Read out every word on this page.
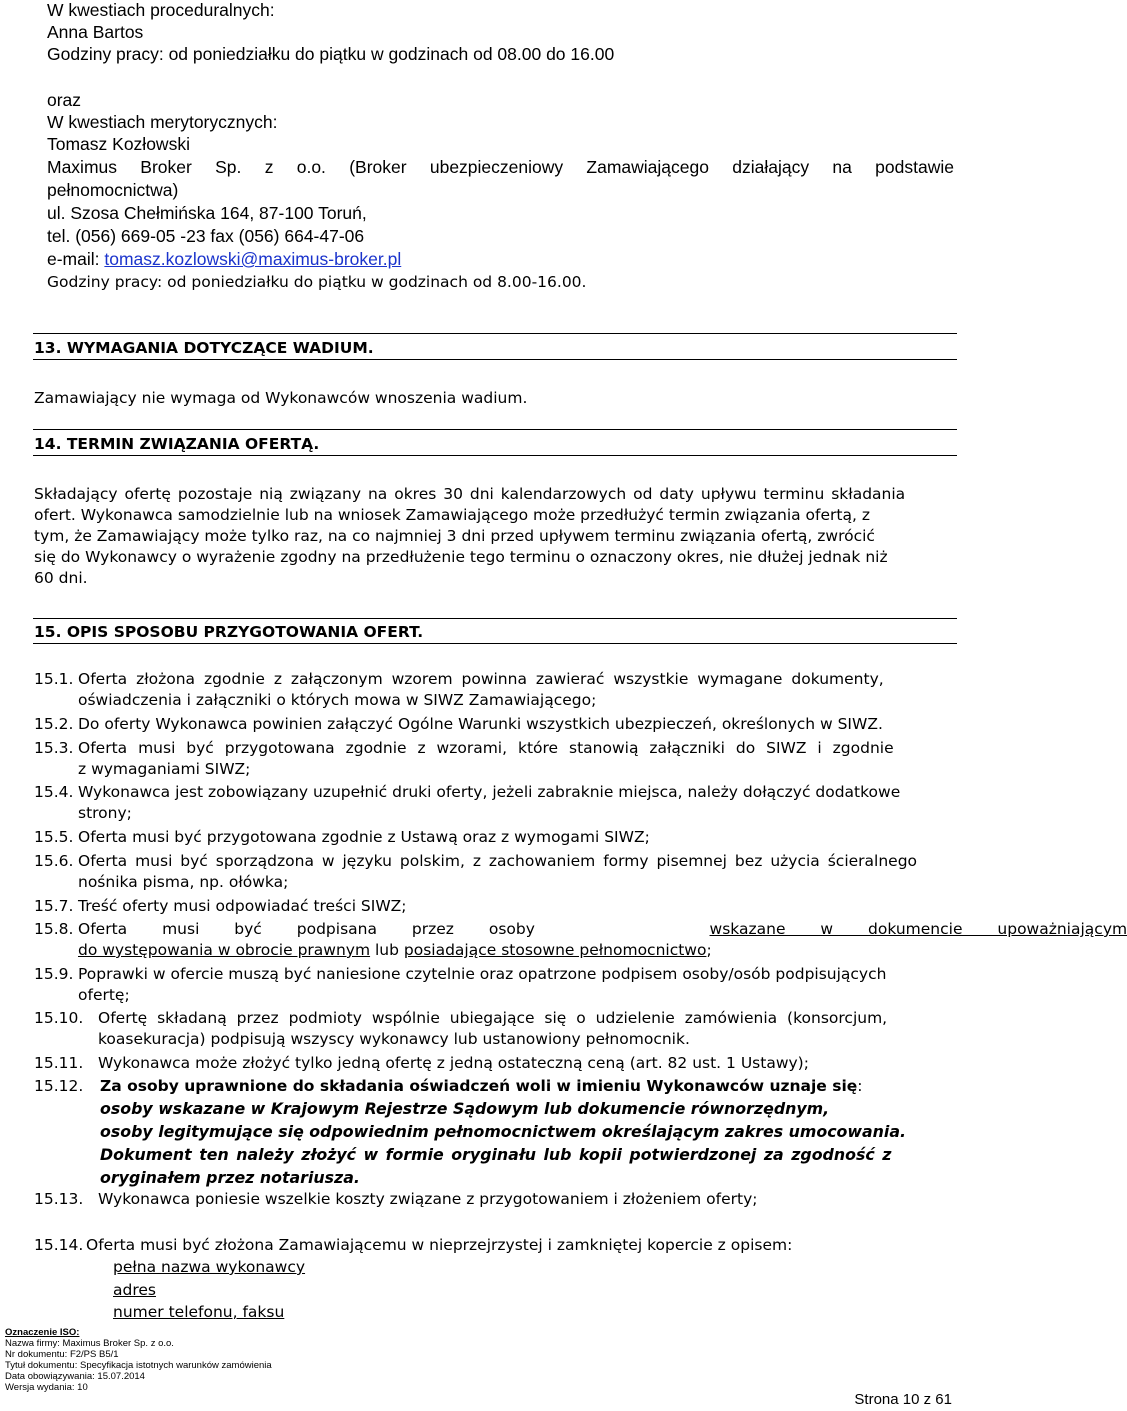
W kwestiach proceduralnych:
Anna Bartos
Godziny pracy: od poniedziałku do piątku w godzinach od 08.00 do 16.00
oraz
W kwestiach merytorycznych:
Tomasz Kozłowski
Maximus Broker Sp. z o.o. (Broker ubezpieczeniowy Zamawiającego działający na podstawie
pełnomocnictwa)
ul. Szosa Chełmińska 164, 87-100 Toruń,
tel. (056) 669-05 -23 fax (056) 664-47-06
e-mail: tomasz.kozlowski@maximus-broker.pl
Godziny pracy: od poniedziałku do piątku w godzinach od 8.00-16.00.
13. WYMAGANIA DOTYCZĄCE WADIUM.
Zamawiający nie wymaga od Wykonawców wnoszenia wadium.
14. TERMIN ZWIĄZANIA OFERTĄ.
Składający ofertę pozostaje nią związany na okres 30 dni kalendarzowych od daty upływu terminu składania
ofert. Wykonawca samodzielnie lub na wniosek Zamawiającego może przedłużyć termin związania ofertą, z
tym, że Zamawiający może tylko raz, na co najmniej 3 dni przed upływem terminu związania ofertą, zwrócić
się do Wykonawcy o wyrażenie zgodny na przedłużenie tego terminu o oznaczony okres, nie dłużej jednak niż
60 dni.
15. OPIS SPOSOBU PRZYGOTOWANIA OFERT.
15.1. Oferta złożona zgodnie z załączonym wzorem powinna zawierać wszystkie wymagane dokumenty,
oświadczenia i załączniki o których mowa w SIWZ Zamawiającego;
15.2. Do oferty Wykonawca powinien załączyć Ogólne Warunki wszystkich ubezpieczeń, określonych w SIWZ.
15.3. Oferta musi być przygotowana zgodnie z wzorami, które stanowią załączniki do SIWZ i zgodnie
z wymaganiami SIWZ;
15.4. Wykonawca jest zobowiązany uzupełnić druki oferty, jeżeli zabraknie miejsca, należy dołączyć dodatkowe
strony;
15.5. Oferta musi być przygotowana zgodnie z Ustawą oraz z wymogami SIWZ;
15.6. Oferta musi być sporządzona w języku polskim, z zachowaniem formy pisemnej bez użycia ścieralnego
nośnika pisma, np. ołówka;
15.7. Treść oferty musi odpowiadać treści SIWZ;
15.8. Oferta musi być podpisana przez osoby	wskazane w dokumencie upoważniającym
do występowania w obrocie prawnym lub posiadające stosowne pełnomocnictwo;
15.9. Poprawki w ofercie muszą być naniesione czytelnie oraz opatrzone podpisem osoby/osób podpisujących
ofertę;
15.10. Ofertę składaną przez podmioty wspólnie ubiegające się o udzielenie zamówienia (konsorcjum,
koasekuracja) podpisują wszyscy wykonawcy lub ustanowiony pełnomocnik.
15.11. Wykonawca może złożyć tylko jedną ofertę z jedną ostateczną ceną (art. 82 ust. 1 Ustawy);
15.12. Za osoby uprawnione do składania oświadczeń woli w imieniu Wykonawców uznaje się:
osoby wskazane w Krajowym Rejestrze Sądowym lub dokumencie równorzędnym,
osoby legitymujące się odpowiednim pełnomocnictwem określającym zakres umocowania.
Dokument ten należy złożyć w formie oryginału lub kopii potwierdzonej za zgodność z
oryginałem przez notariusza.
15.13. Wykonawca poniesie wszelkie koszty związane z przygotowaniem i złożeniem oferty;
15.14. Oferta musi być złożona Zamawiającemu w nieprzejrzystej i zamkniętej kopercie z opisem:
pełna nazwa wykonawcy
adres
numer telefonu, faksu
Oznaczenie ISO:
Nazwa firmy: Maximus Broker Sp. z o.o.
Nr dokumentu: F2/PS B5/1
Tytuł dokumentu: Specyfikacja istotnych warunków zamówienia
Data obowiązywania: 15.07.2014
Wersja wydania: 10
Strona 10 z 61
